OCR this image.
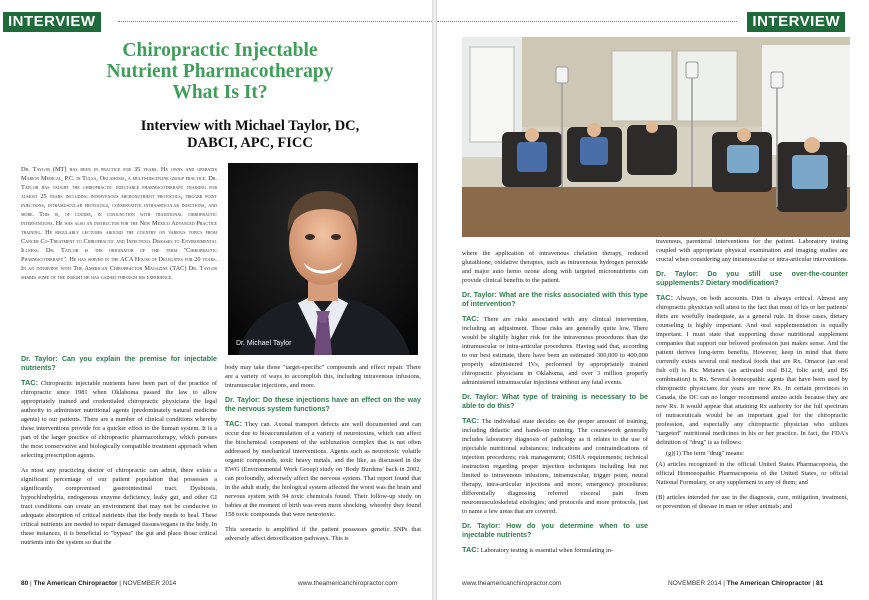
INTERVIEW
Chiropractic Injectable
Nutrient Pharmacotherapy
What Is It?
Interview with Michael Taylor, DC,
DABCI, APC, FICC
Dr. Taylor (MT) has been in practice for 35 years. He owns and operates Marion Medical, P.C. in Tulsa, Oklahoma, a multi-discipline group practice. Dr. Taylor has taught the chiropractic injectable pharmacotherapy training for almost 25 years including intravenous micronutrient protocols, trigger point injections, intramuscular protocols, conservative intraarticular injections, and more. This is, of course, in conjunction with traditional chiropractic interventions. He was also an instructor for the New Mexico Advanced Practice training. He regularly lectures around the country on various topics from Cancer Co-Treatment to Chiropractic and Infectious Diseases to Environmental Illness. Dr. Taylor is the originator of the term "Chiropractic Pharmacotherapy". He has served in the ACA House of Delegates for 20 years. In an interview with The American Chiropractor Magazine (TAC) Dr. Taylor shares some of the insight he has gained through his experience.
Dr. Michael Taylor
Dr. Taylor: Can you explain the premise for injectable nutrients?
TAC: Chiropractic injectable nutrients have been part of the practice of chiropractic since 1981 when Oklahoma passed the law to allow appropriately trained and credentialed chiropractic physicians the legal authority to administer nutritional agents (predominately natural medicine agents) to our patients. There are a number of clinical conditions whereby these interventions provide for a quicker effect to the human system. It is a part of the larger practice of chiropractic pharmacotherapy, which pursues the most conservative and biologically compatible treatment approach when selecting prescription agents.
As most any practicing doctor of chiropractic can admit, there exists a significant percentage of our patient population that possesses a significantly compromised gastrointestinal tract. Dysbiosis, hypochlorhydria, endogenous enzyme deficiency, leaky gut, and other GI tract conditions can create an environment that may not be conducive to adequate absorption of critical nutrients that the body needs to heal. These critical nutrients are needed to repair damaged tissues/organs in the body. In these instances, it is beneficial to "bypass" the gut and place those critical nutrients into the system so that the
body may take those "target-specific" compounds and effect repair. There are a variety of ways to accomplish this, including intravenous infusions, intramuscular injections, and more.
Dr. Taylor: Do these injections have an effect on the way the nervous system functions?
TAC: They can. Axonal transport defects are well documented and can occur due to bioaccumulation of a variety of neurotoxins, which can affect the biochemical component of the subluxation complex that is not often addressed by mechanical interventions. Agents such as neurotoxic volatile organic compounds, toxic heavy metals, and the like, as discussed in the EWG (Environmental Work Group) study on 'Body Burdens' back in 2002, can profoundly, adversely affect the nervous system. That report found that in the adult study, the biological system affected the worst was the brain and nervous system with 94 toxic chemicals found. Their follow-up study on babies at the moment of birth was even more shocking, whereby they found 158 toxic compounds that were neurotoxic.
This scenario is amplified if the patient possesses genetic SNPs that adversely affect detoxification pathways. This is
80 | The American Chiropractor | NOVEMBER 2014	www.theamericanchiropractor.com
INTERVIEW
where the application of intravenous chelation therapy, reduced glutathione, oxidative therapies, such as intravenous hydrogen peroxide and major auto hemo ozone along with targeted micronutrients can provide clinical benefits to the patient.
Dr. Taylor: What are the risks associated with this type of intervention?
TAC: There are risks associated with any clinical intervention, including an adjustment. Those risks are generally quite low. There would be slightly higher risk for the intravenous procedures than the intramuscular or intra-articular procedures. Having said that, according to our best estimate, there have been an estimated 300,000 to 400,000 properly administered IVs, performed by appropriately trained chiropractic physicians in Oklahoma, and over 3 million properly administered intramuscular injections without any fatal events.
Dr. Taylor: What type of training is necessary to be able to do this?
TAC: The individual state decides on the proper amount of training, including didactic and hands-on training. The coursework generally includes laboratory diagnosis of pathology as it relates to the use of injectable nutritional substances; indications and contraindications of injection procedures; risk management; OSHA requirements; technical instruction regarding proper injection techniques including but not limited to intravenous infusions, intramuscular, trigger point, neural therapy, intra-articular injections and more; emergency procedures; differentially diagnosing referred visceral pain from neuromusculoskeletal etiologies; and protocols and more protocols, just to name a few areas that are covered.
Dr. Taylor: How do you determine when to use injectable nutrients?
TAC: Laboratory testing is essential when formulating in-
travenous, parenteral interventions for the patient. Laboratory testing coupled with appropriate physical examination and imaging studies are crucial when considering any intramuscular or intra-articular interventions.
Dr. Taylor: Do you still use over-the-counter supplements? Dietary modification?
TAC: Always, on both accounts. Diet is always critical. Almost any chiropractic physician will attest to the fact that most of his or her patients' diets are woefully inadequate, as a general rule. In those cases, dietary counseling is highly important. And oral supplementation is equally important. I must state that supporting those nutritional supplement companies that support our beloved profession just makes sense. And the patient derives long-term benefits. However, keep in mind that there currently exists several oral medical foods that are Rx. Omacor (an oral fish oil) is Rx. Metanex (an activated oral B12, folic acid, and B6 combination) is Rx. Several homeopathic agents that have been used by chiropractic physicians for years are now Rx. In certain provinces in Canada, the DC can no longer recommend amino acids because they are now Rx. It would appear that attaining Rx authority for the full spectrum of nutraceuticals would be an important goal for the chiropractic profession, and especially any chiropractic physician who utilizes "targeted" nutritional medicines in his or her practice. In fact, the FDA's definition of "drug" is as follows:
(g)(1) The term "drug" means:
(A) articles recognized in the official United States Pharmacopoeia, the official Homoeopathic Pharmacopoeia of the United States, or official National Formulary, or any supplement to any of them; and
(B) articles intended for use in the diagnosis, cure, mitigation, treatment, or prevention of disease in man or other animals; and
www.theamericanchiropractor.com	NOVEMBER 2014 | The American Chiropractor | 81
